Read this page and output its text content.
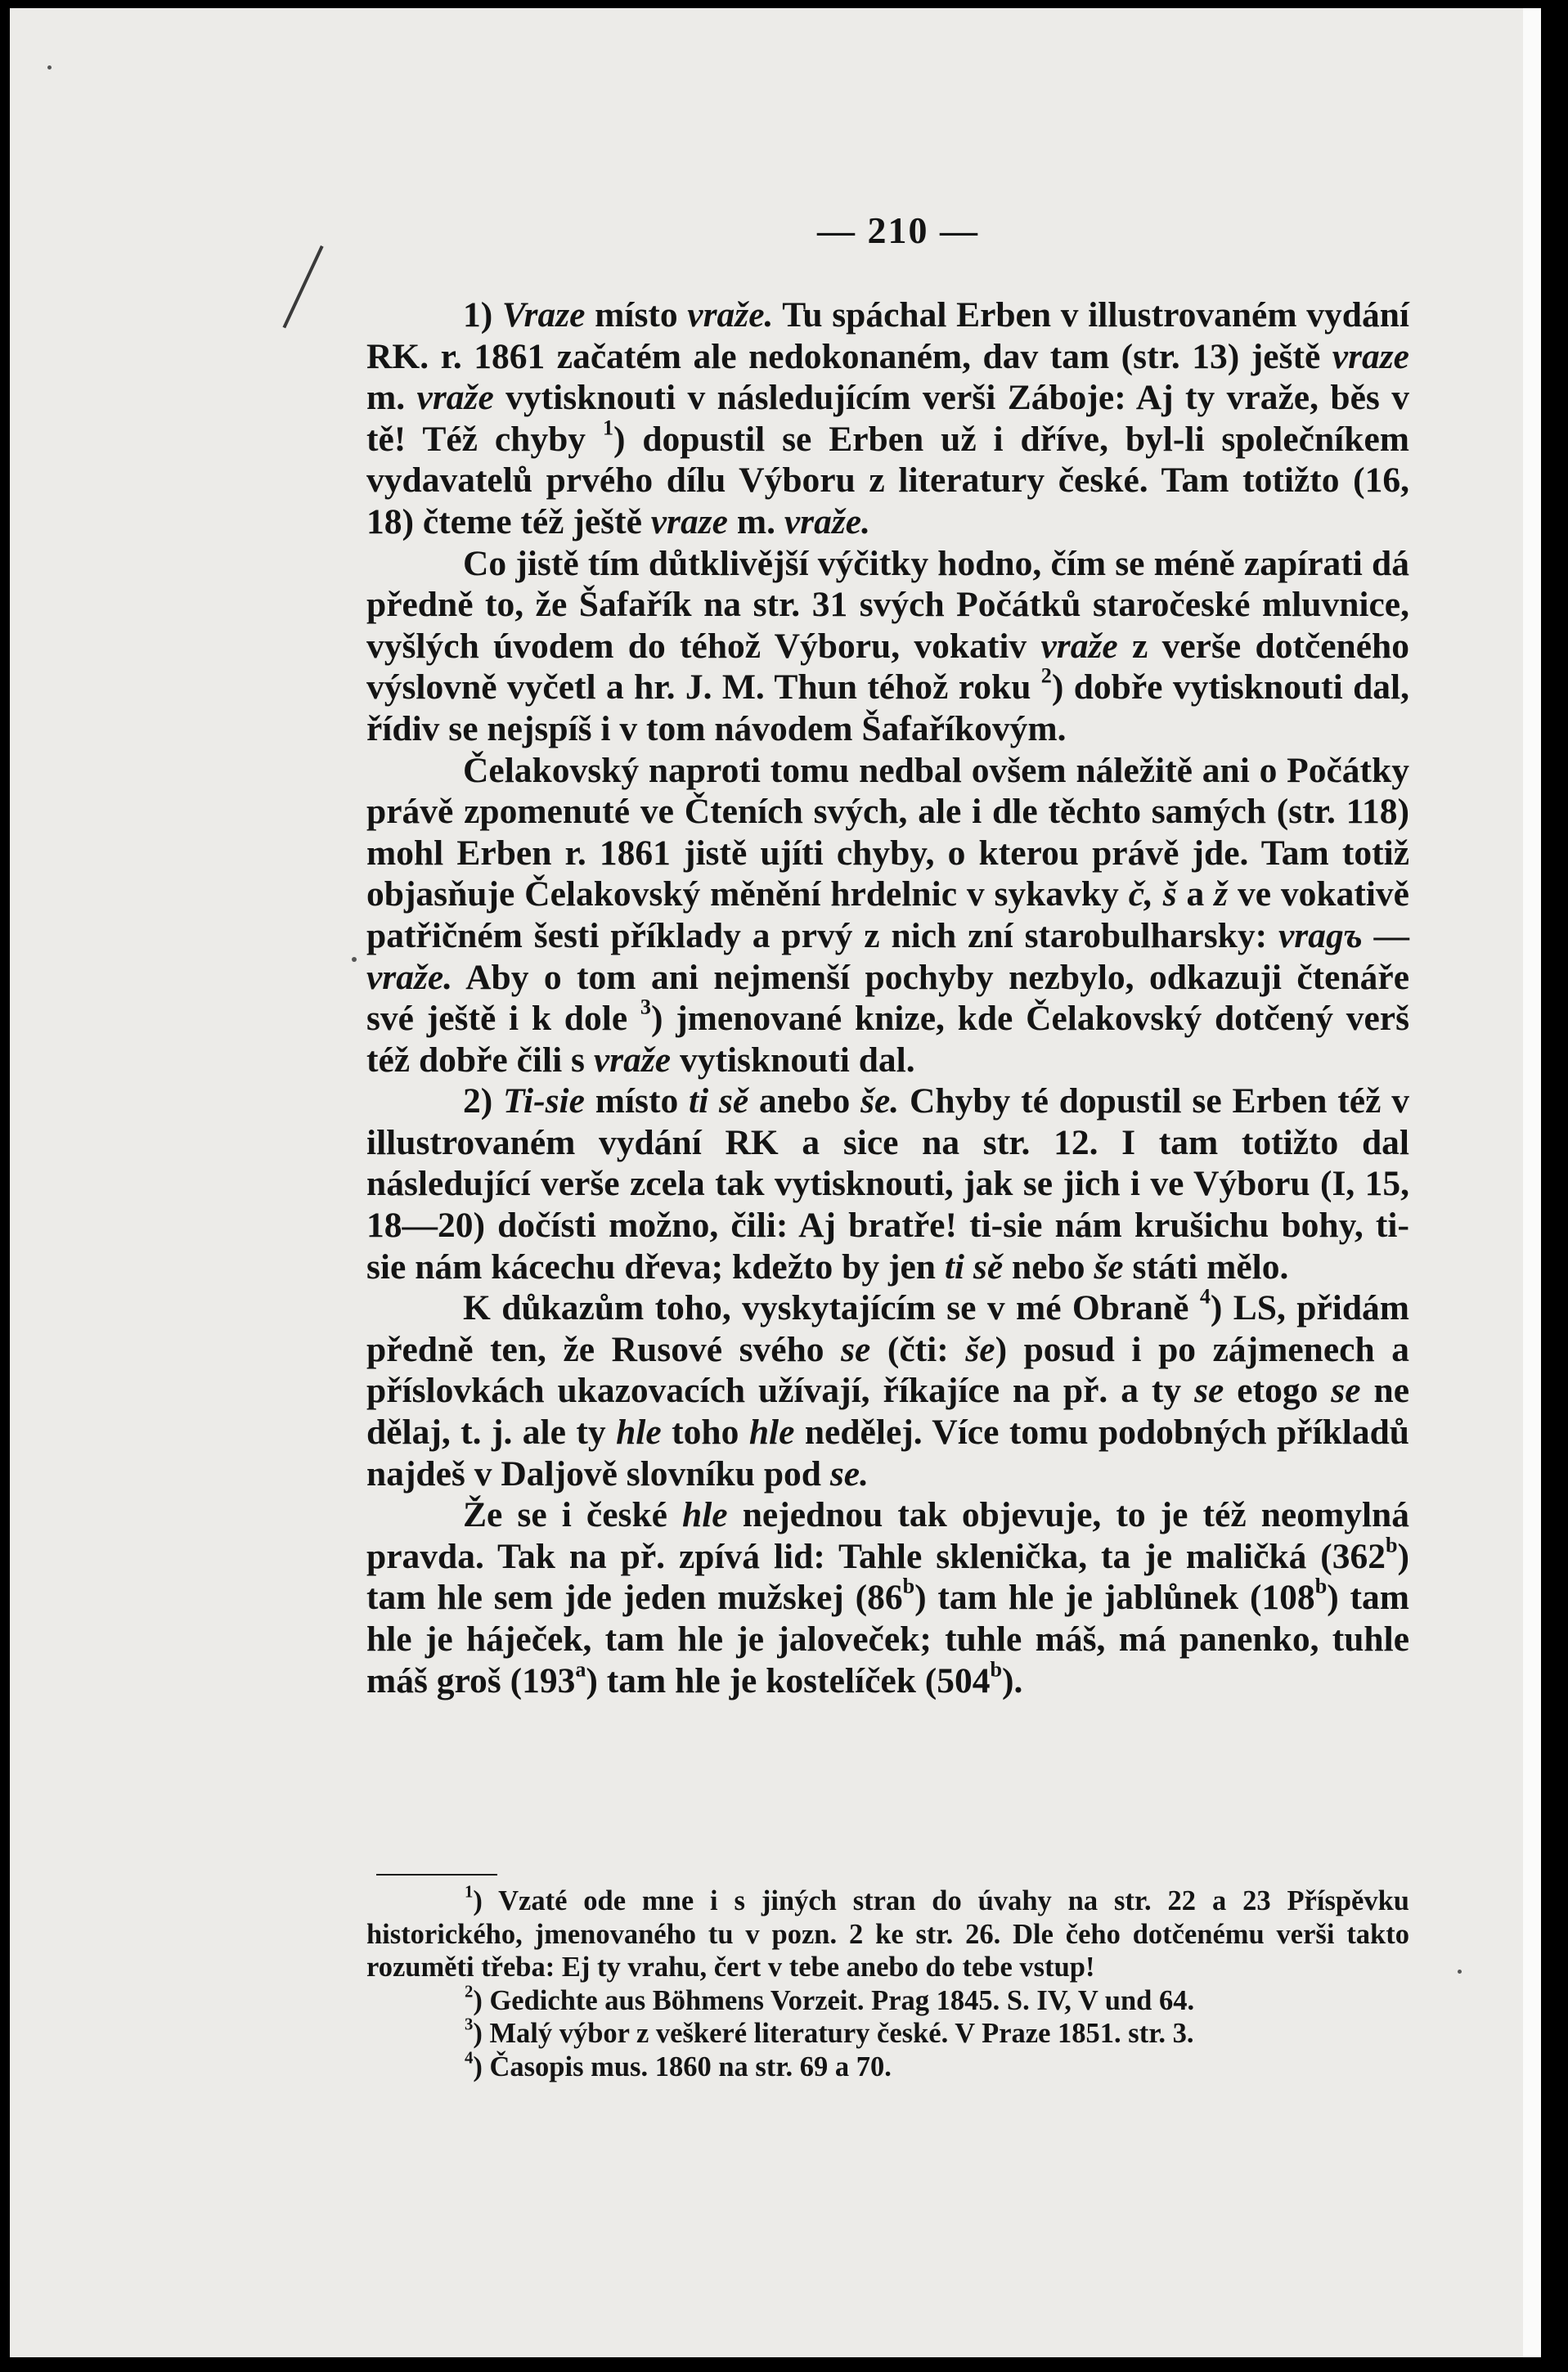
— 210 —

1) Vraze místo vraže. Tu spáchal Erben v illustrovaném vydání RK. r. 1861 začatém ale nedokonaném, dav tam (str. 13) ještě vraze m. vraže vytisknouti v následujícím verši Záboje: Aj ty vraže, běs v tě! Též chyby $^1$) dopustil se Erben už i dříve, byl-li společníkem vydavatelů prvého dílu Výboru z literatury české. Tam totižto (16, 18) čteme též ještě vraze m. vraže.

Co jistě tím důtklivější výčitky hodno, čím se méně zapírati dá předně to, že Šafařík na str. 31 svých Počátků staročeské mluvnice, vyšlých úvodem do téhož Výboru, vokativ vraže z verše dotčeného výslovně vyčetl a hr. J. M. Thun téhož roku $^2$) dobře vytisknouti dal, řídiv se nejspíš i v tom návodem Šafaříkovým.

Čelakovský naproti tomu nedbal ovšem náležitě ani o Počátky právě zpomenuté ve Čteních svých, ale i dle těchto samých (str. 118) mohl Erben r. 1861 jistě ujíti chyby, o kterou právě jde. Tam totiž objasňuje Čelakovský měnění hrdelnic v sykavky č, š a ž ve vokativě patřičném šesti příklady a prvý z nich zní starobulharsky: vragъ — vraže. Aby o tom ani nejmenší pochyby nezbylo, odkazuji čtenáře své ještě i k dole $^3$) jmenované knize, kde Čelakovský dotčený verš též dobře čili s vraže vytisknouti dal.

2) Ti-sie místo ti sě anebo še. Chyby té dopustil se Erben též v illustrovaném vydání RK a sice na str. 12. I tam totižto dal následující verše zcela tak vytisknouti, jak se jich i ve Výboru (I, 15, 18—20) dočísti možno, čili: Aj bratře! ti-sie nám krušichu bohy, ti-sie nám kácechu dřeva; kdežto by jen ti sě nebo še státi mělo.

K důkazům toho, vyskytajícím se v mé Obraně $^4$) LS, přidám předně ten, že Rusové svého se (čti: še) posud i po zájmenech a příslovkách ukazovacích užívají, říkajíce na př. a ty se etogo se ne dělaj, t. j. ale ty hle toho hle nedělej. Více tomu podobných příkladů najdeš v Daljově slovníku pod se.

Že se i české hle nejednou tak objevuje, to je též neomylná pravda. Tak na př. zpívá lid: Tahle sklenička, ta je maličká (362$^b$) tam hle sem jde jeden mužskej (86$^b$) tam hle je jablůnek (108$^b$) tam hle je háječek, tam hle je jalovеček; tuhle máš, má panenko, tuhle máš groš (193$^a$) tam hle je kostelíček (504$^b$).

$^1$) Vzaté ode mne i s jiných stran do úvahy na str. 22 a 23 Příspěvku historického, jmenovaného tu v pozn. 2 ke str. 26. Dle čeho dotčenému verši takto rozuměti třeba: Ej ty vrahu, čert v tebe anebo do tebe vstup!

$^2$) Gedichte aus Böhmens Vorzeit. Prag 1845. S. IV, V und 64.

$^3$) Malý výbor z veškeré literatury české. V Praze 1851. str. 3.

$^4$) Časopis mus. 1860 na str. 69 a 70.
